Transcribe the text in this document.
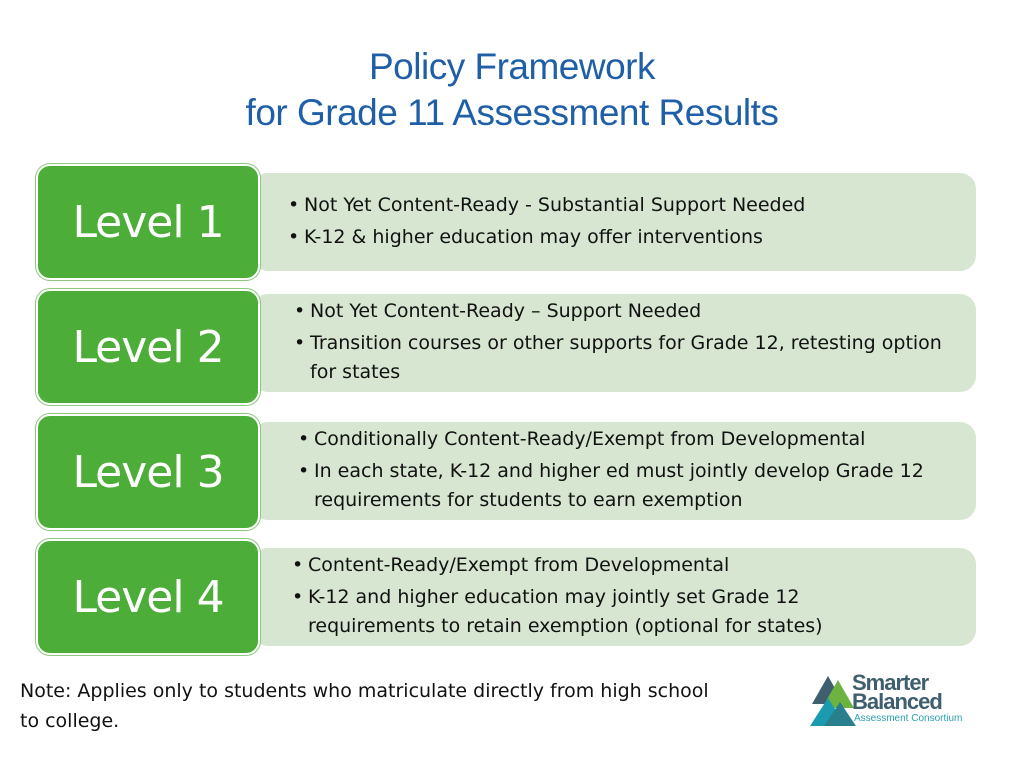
Policy Framework
for Grade 11 Assessment Results
• Not Yet Content-Ready - Substantial Support Needed
• K-12 & higher education may offer interventions
Level 1
• Not Yet Content-Ready – Support Needed
• Transition courses or other supports for Grade 12, retesting option for states
Level 2
• Conditionally Content-Ready/Exempt from Developmental
• In each state, K-12 and higher ed must jointly develop Grade 12 requirements for students to earn exemption
Level 3
• Content-Ready/Exempt from Developmental
• K-12 and higher education may jointly set Grade 12 requirements to retain exemption (optional for states)
Level 4
Note: Applies only to students who matriculate directly from high school to college.
Smarter
Balanced
Assessment Consortium
